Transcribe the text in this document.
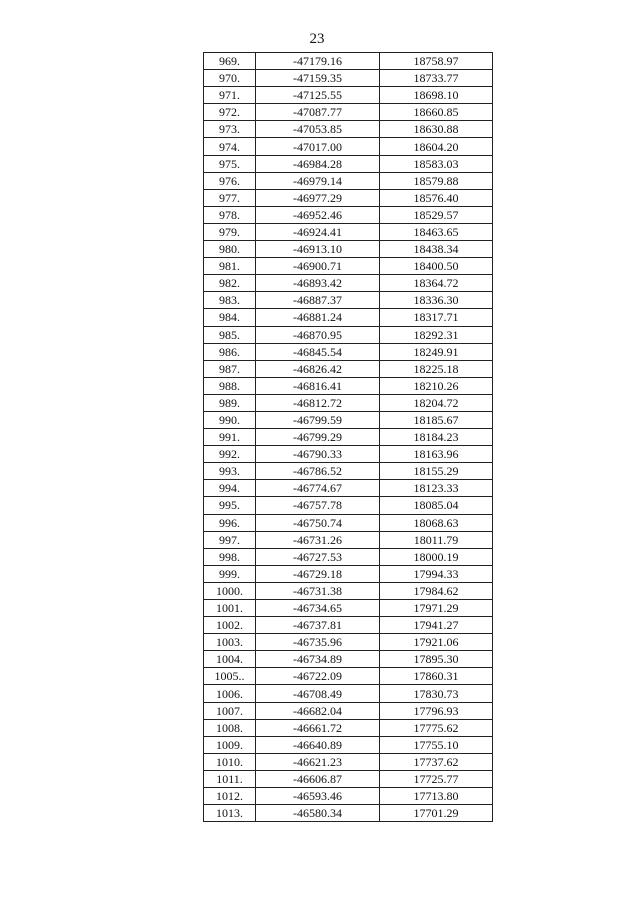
23
969.	-47179.16	18758.97
970.	-47159.35	18733.77
971.	-47125.55	18698.10
972.	-47087.77	18660.85
973.	-47053.85	18630.88
974.	-47017.00	18604.20
975.	-46984.28	18583.03
976.	-46979.14	18579.88
977.	-46977.29	18576.40
978.	-46952.46	18529.57
979.	-46924.41	18463.65
980.	-46913.10	18438.34
981.	-46900.71	18400.50
982.	-46893.42	18364.72
983.	-46887.37	18336.30
984.	-46881.24	18317.71
985.	-46870.95	18292.31
986.	-46845.54	18249.91
987.	-46826.42	18225.18
988.	-46816.41	18210.26
989.	-46812.72	18204.72
990.	-46799.59	18185.67
991.	-46799.29	18184.23
992.	-46790.33	18163.96
993.	-46786.52	18155.29
994.	-46774.67	18123.33
995.	-46757.78	18085.04
996.	-46750.74	18068.63
997.	-46731.26	18011.79
998.	-46727.53	18000.19
999.	-46729.18	17994.33
1000.	-46731.38	17984.62
1001.	-46734.65	17971.29
1002.	-46737.81	17941.27
1003.	-46735.96	17921.06
1004.	-46734.89	17895.30
1005..	-46722.09	17860.31
1006.	-46708.49	17830.73
1007.	-46682.04	17796.93
1008.	-46661.72	17775.62
1009.	-46640.89	17755.10
1010.	-46621.23	17737.62
1011.	-46606.87	17725.77
1012.	-46593.46	17713.80
1013.	-46580.34	17701.29
